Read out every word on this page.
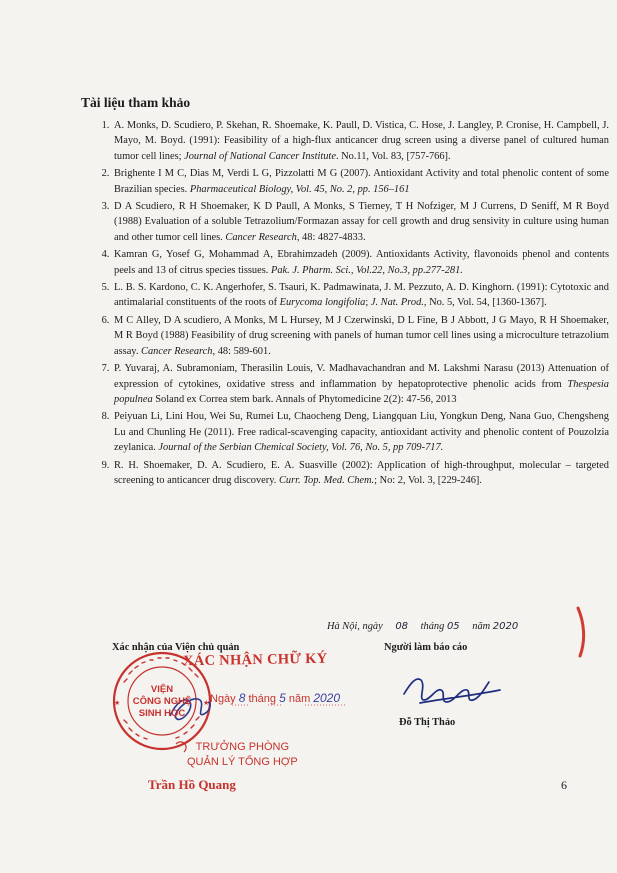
Tài liệu tham khảo
1. A. Monks, D. Scudiero, P. Skehan, R. Shoemake, K. Paull, D. Vistica, C. Hose, J. Langley, P. Cronise, H. Campbell, J. Mayo, M. Boyd. (1991): Feasibility of a high-flux anticancer drug screen using a diverse panel of cultured human tumor cell lines; Journal of National Cancer Institute. No.11, Vol. 83, [757-766].
2. Brighente I M C, Dias M, Verdi L G, Pizzolatti M G (2007). Antioxidant Activity and total phenolic content of some Brazilian species. Pharmaceutical Biology, Vol. 45, No. 2, pp. 156–161
3. D A Scudiero, R H Shoemaker, K D Paull, A Monks, S Tierney, T H Nofziger, M J Currens, D Seniff, M R Boyd (1988) Evaluation of a soluble Tetrazolium/Formazan assay for cell growth and drug sensivity in culture using human and other tumor cell lines. Cancer Research, 48: 4827-4833.
4. Kamran G, Yosef G, Mohammad A, Ebrahimzadeh (2009). Antioxidants Activity, flavonoids phenol and contents peels and 13 of citrus species tissues. Pak. J. Pharm. Sci., Vol.22, No.3, pp.277-281.
5. L. B. S. Kardono, C. K. Angerhofer, S. Tsauri, K. Padmawinata, J. M. Pezzuto, A. D. Kinghorn. (1991): Cytotoxic and antimalarial constituents of the roots of Eurycoma longifolia; J. Nat. Prod., No. 5, Vol. 54, [1360-1367].
6. M C Alley, D A scudiero, A Monks, M L Hursey, M J Czerwinski, D L Fine, B J Abbott, J G Mayo, R H Shoemaker, M R Boyd (1988) Feasibility of drug screening with panels of human tumor cell lines using a microculture tetrazolium assay. Cancer Research, 48: 589-601.
7. P. Yuvaraj, A. Subramoniam, Therasilin Louis, V. Madhavachandran and M. Lakshmi Narasu (2013) Attenuation of expression of cytokines, oxidative stress and inflammation by hepatoprotective phenolic acids from Thespesia populnea Soland ex Correa stem bark. Annals of Phytomedicine 2(2): 47-56, 2013
8. Peiyuan Li, Lini Hou, Wei Su, Rumei Lu, Chaocheng Deng, Liangquan Liu, Yongkun Deng, Nana Guo, Chengsheng Lu and Chunling He (2011). Free radical-scavenging capacity, antioxidant activity and phenolic content of Pouzolzia zeylanica. Journal of the Serbian Chemical Society, Vol. 76, No. 5, pp 709-717.
9. R. H. Shoemaker, D. A. Scudiero, E. A. Suasville (2002): Application of high-throughput, molecular – targeted screening to anticancer drug discovery. Curr. Top. Med. Chem.; No: 2, Vol. 3, [229-246].
Hà Nội, ngày 08 tháng 05 năm 2020
Xác nhận của Viện chủ quản	Người làm báo cáo
★	★
VIỆN
CÔNG NGHỆ
SINH HỌC
XÁC NHẬN CHỮ KÝ
Ngày 8 tháng 5 năm 2020
TRƯỞNG PHÒNG
QUẢN LÝ TỔNG HỢP
Trần Hồ Quang
Đỗ Thị Thảo
6
